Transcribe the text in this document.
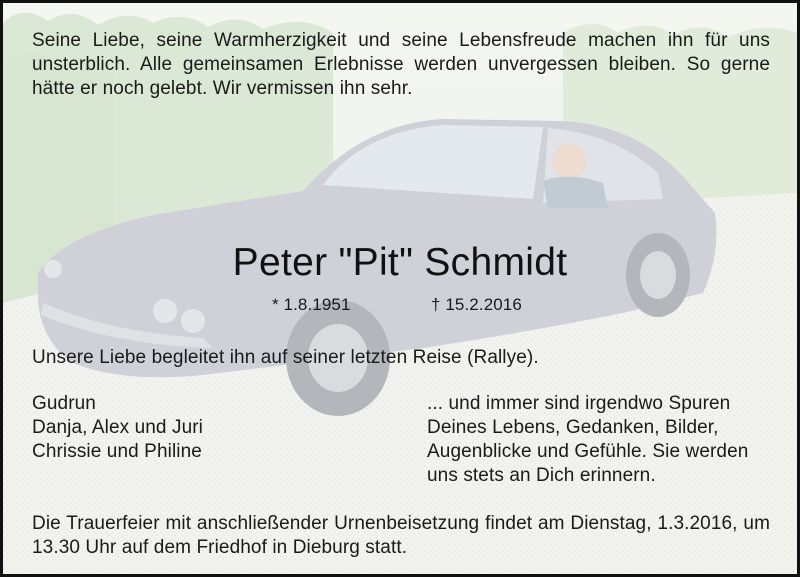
Seine Liebe, seine Warmherzigkeit und seine Lebensfreude machen ihn für uns unsterblich. Alle gemeinsamen Erlebnisse werden unvergessen bleiben. So gerne hätte er noch gelebt. Wir vermissen ihn sehr.
Peter "Pit" Schmidt
* 1.8.1951	† 15.2.2016
Unsere Liebe begleitet ihn auf seiner letzten Reise (Rallye).
Gudrun
Danja, Alex und Juri
Chrissie und Philine
... und immer sind irgendwo Spuren
Deines Lebens, Gedanken, Bilder,
Augenblicke und Gefühle. Sie werden
uns stets an Dich erinnern.
Die Trauerfeier mit anschließender Urnenbeisetzung findet am Dienstag, 1.3.2016, um 13.30 Uhr auf dem Friedhof in Dieburg statt.
